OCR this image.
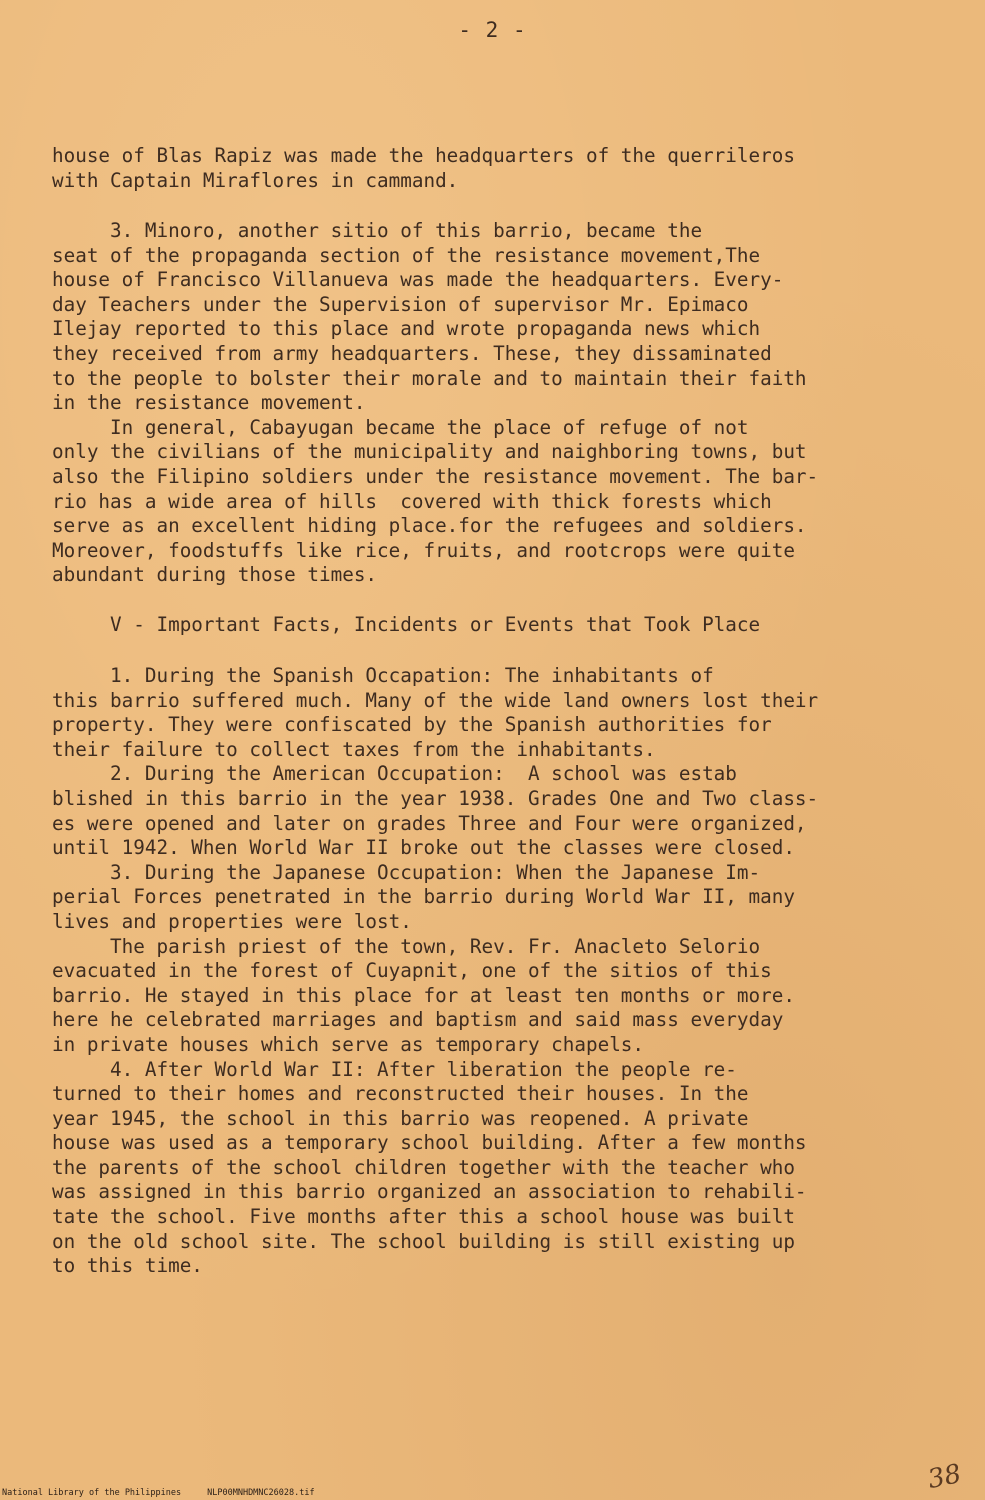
- 2 -
house of Blas Rapiz was made the headquarters of the querrileros
with Captain Miraflores in cammand.
3. Minoro, another sitio of this barrio, became the
seat of the propaganda section of the resistance movement,The
house of Francisco Villanueva was made the headquarters. Every-
day Teachers under the Supervision of supervisor Mr. Epimaco
Ilejay reported to this place and wrote propaganda news which
they received from army headquarters. These, they dissaminated
to the people to bolster their morale and to maintain their faith
in the resistance movement.
In general, Cabayugan became the place of refuge of not
only the civilians of the municipality and naighboring towns, but
also the Filipino soldiers under the resistance movement. The bar-
rio has a wide area of hills  covered with thick forests which
serve as an excellent hiding place.for the refugees and soldiers.
Moreover, foodstuffs like rice, fruits, and rootcrops were quite
abundant during those times.
V - Important Facts, Incidents or Events that Took Place
1. During the Spanish Occapation: The inhabitants of
this barrio suffered much. Many of the wide land owners lost their
property. They were confiscated by the Spanish authorities for
their failure to collect taxes from the inhabitants.
2. During the American Occupation:  A school was estab
blished in this barrio in the year 1938. Grades One and Two class-
es were opened and later on grades Three and Four were organized,
until 1942. When World War II broke out the classes were closed.
3. During the Japanese Occupation: When the Japanese Im-
perial Forces penetrated in the barrio during World War II, many
lives and properties were lost.
The parish priest of the town, Rev. Fr. Anacleto Selorio
evacuated in the forest of Cuyapnit, one of the sitios of this
barrio. He stayed in this place for at least ten months or more.
here he celebrated marriages and baptism and said mass everyday
in private houses which serve as temporary chapels.
4. After World War II: After liberation the people re-
turned to their homes and reconstructed their houses. In the
year 1945, the school in this barrio was reopened. A private
house was used as a temporary school building. After a few months
the parents of the school children together with the teacher who
was assigned in this barrio organized an association to rehabili-
tate the school. Five months after this a school house was built
on the old school site. The school building is still existing up
to this time.
National Library of the Philippines	NLP00MNHDMNC26028.tif	38
